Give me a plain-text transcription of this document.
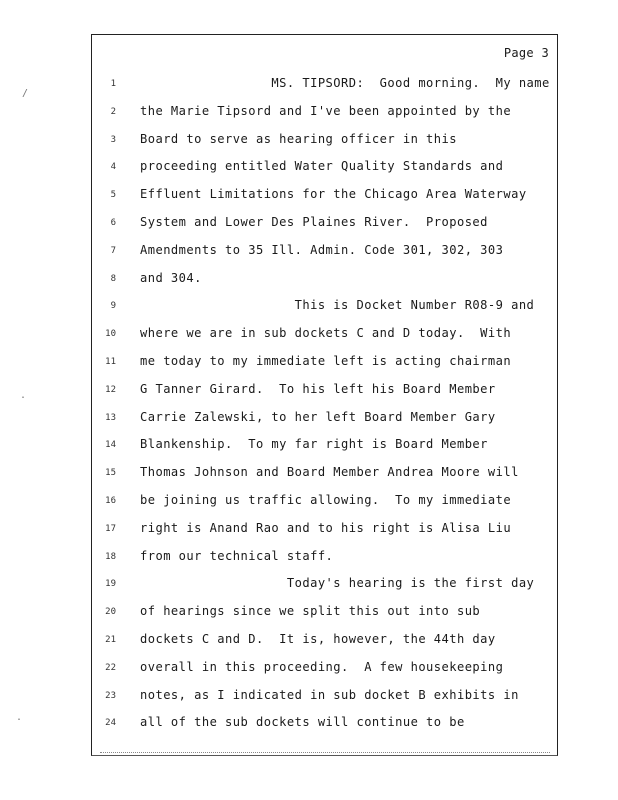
Page 3
1 MS. TIPSORD:  Good morning.  My name
2 the Marie Tipsord and I've been appointed by the
3 Board to serve as hearing officer in this
4 proceeding entitled Water Quality Standards and
5 Effluent Limitations for the Chicago Area Waterway
6 System and Lower Des Plaines River.  Proposed
7 Amendments to 35 Ill. Admin. Code 301, 302, 303
8 and 304.
9 This is Docket Number R08-9 and
10 where we are in sub dockets C and D today.  With
11 me today to my immediate left is acting chairman
12 G Tanner Girard.  To his left his Board Member
13 Carrie Zalewski, to her left Board Member Gary
14 Blankenship.  To my far right is Board Member
15 Thomas Johnson and Board Member Andrea Moore will
16 be joining us traffic allowing.  To my immediate
17 right is Anand Rao and to his right is Alisa Liu
18 from our technical staff.
19 Today's hearing is the first day
20 of hearings since we split this out into sub
21 dockets C and D.  It is, however, the 44th day
22 overall in this proceeding.  A few housekeeping
23 notes, as I indicated in sub docket B exhibits in
24 all of the sub dockets will continue to be
/
.
.
